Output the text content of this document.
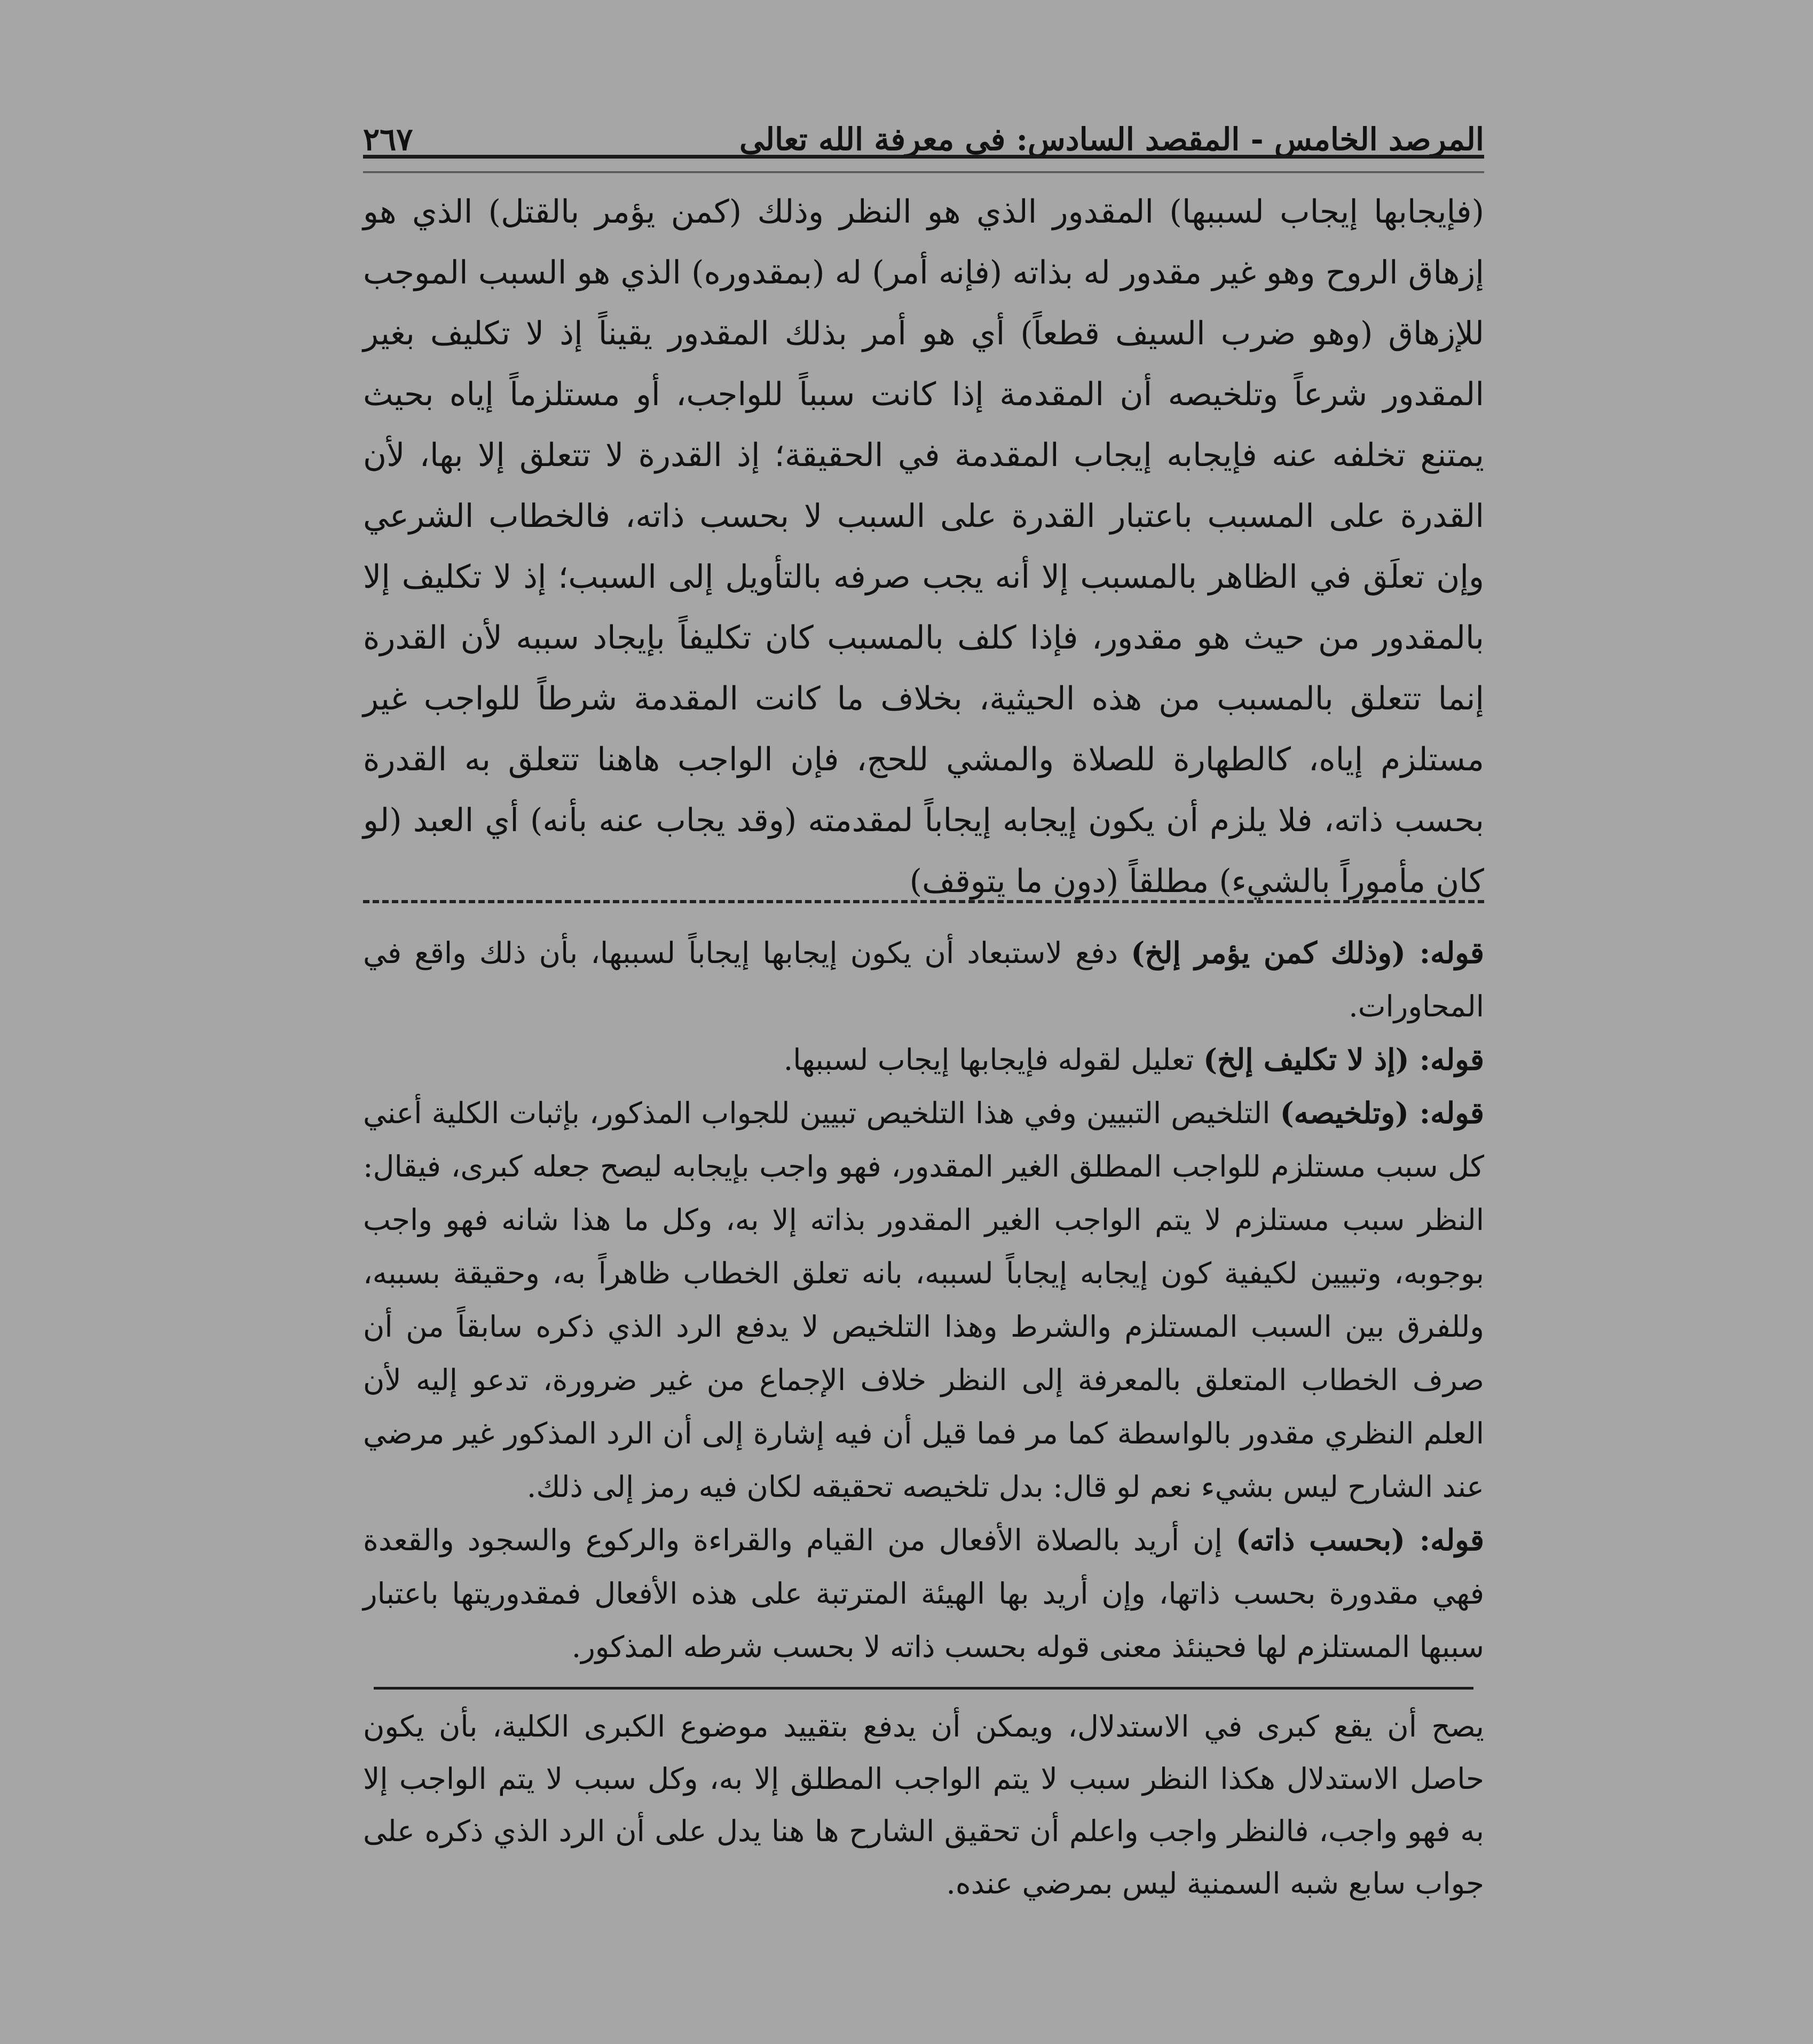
المرصد الخامس - المقصد السادس: في معرفة الله تعالى
٢٦٧

(فإيجابها إيجاب لسببها) المقدور الذي هو النظر وذلك (كمن يؤمر بالقتل) الذي هو إزهاق الروح وهو غير مقدور له بذاته (فإنه أمر) له (بمقدوره) الذي هو السبب الموجب للإزهاق (وهو ضرب السيف قطعاً) أي هو أمر بذلك المقدور يقيناً إذ لا تكليف بغير المقدور شرعاً وتلخيصه أن المقدمة إذا كانت سبباً للواجب، أو مستلزماً إياه بحيث يمتنع تخلفه عنه فإيجابه إيجاب المقدمة في الحقيقة؛ إذ القدرة لا تتعلق إلا بها، لأن القدرة على المسبب باعتبار القدرة على السبب لا بحسب ذاته، فالخطاب الشرعي وإن تعلَق في الظاهر بالمسبب إلا أنه يجب صرفه بالتأويل إلى السبب؛ إذ لا تكليف إلا بالمقدور من حيث هو مقدور، فإذا كلف بالمسبب كان تكليفاً بإيجاد سببه لأن القدرة إنما تتعلق بالمسبب من هذه الحيثية، بخلاف ما كانت المقدمة شرطاً للواجب غير مستلزم إياه، كالطهارة للصلاة والمشي للحج، فإن الواجب هاهنا تتعلق به القدرة بحسب ذاته، فلا يلزم أن يكون إيجابه إيجاباً لمقدمته (وقد يجاب عنه بأنه) أي العبد (لو كان مأموراً بالشيء) مطلقاً (دون ما يتوقف)

قوله: (وذلك كمن يؤمر إلخ) دفع لاستبعاد أن يكون إيجابها إيجاباً لسببها، بأن ذلك واقع في المحاورات.

قوله: (إذ لا تكليف إلخ) تعليل لقوله فإيجابها إيجاب لسببها.

قوله: (وتلخيصه) التلخيص التبيين وفي هذا التلخيص تبيين للجواب المذكور، بإثبات الكلية أعني كل سبب مستلزم للواجب المطلق الغير المقدور، فهو واجب بإيجابه ليصح جعله كبرى، فيقال: النظر سبب مستلزم لا يتم الواجب الغير المقدور بذاته إلا به، وكل ما هذا شانه فهو واجب بوجوبه، وتبيين لكيفية كون إيجابه إيجاباً لسببه، بانه تعلق الخطاب ظاهراً به، وحقيقة بسببه، وللفرق بين السبب المستلزم والشرط وهذا التلخيص لا يدفع الرد الذي ذكره سابقاً من أن صرف الخطاب المتعلق بالمعرفة إلى النظر خلاف الإجماع من غير ضرورة، تدعو إليه لأن العلم النظري مقدور بالواسطة كما مر فما قيل أن فيه إشارة إلى أن الرد المذكور غير مرضي عند الشارح ليس بشيء نعم لو قال: بدل تلخيصه تحقيقه لكان فيه رمز إلى ذلك.

قوله: (بحسب ذاته) إن أريد بالصلاة الأفعال من القيام والقراءة والركوع والسجود والقعدة فهي مقدورة بحسب ذاتها، وإن أريد بها الهيئة المترتبة على هذه الأفعال فمقدوريتها باعتبار سببها المستلزم لها فحينئذ معنى قوله بحسب ذاته لا بحسب شرطه المذكور.

يصح أن يقع كبرى في الاستدلال، ويمكن أن يدفع بتقييد موضوع الكبرى الكلية، بأن يكون حاصل الاستدلال هكذا النظر سبب لا يتم الواجب المطلق إلا به، وكل سبب لا يتم الواجب إلا به فهو واجب، فالنظر واجب واعلم أن تحقيق الشارح ها هنا يدل على أن الرد الذي ذكره على جواب سابع شبه السمنية ليس بمرضي عنده.
